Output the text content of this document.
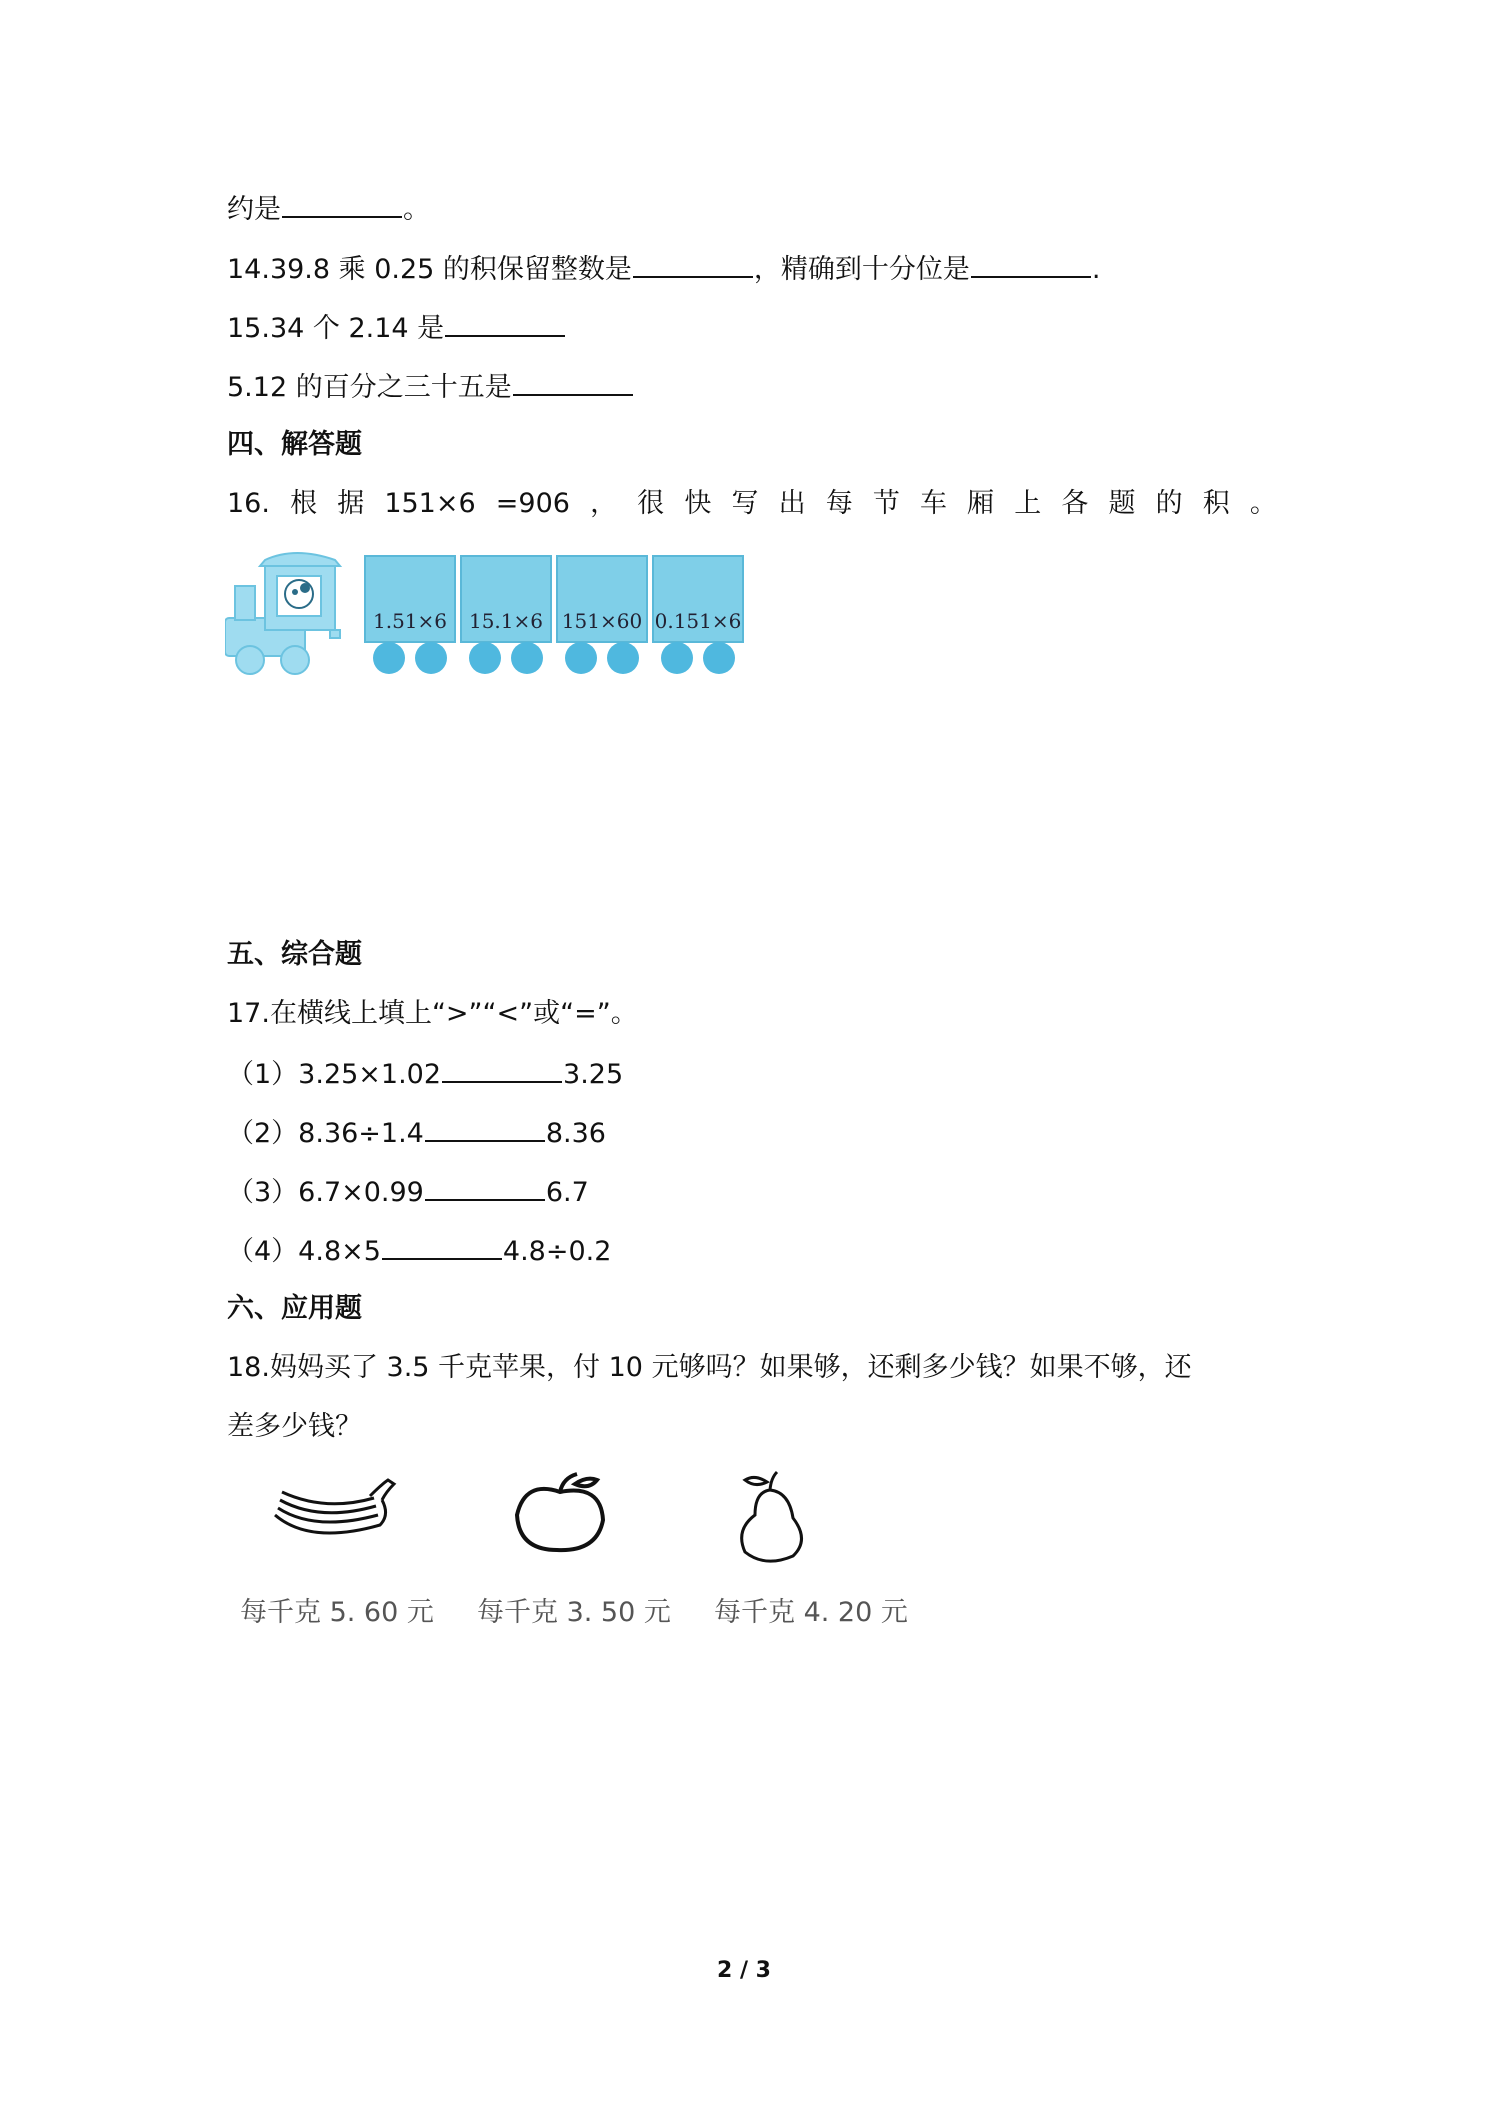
约是	。
14.39.8 乘 0.25 的积保留整数是	，精确到十分位是	.
15.34 个 2.14 是
5.12 的百分之三十五是
四、解答题
16. 根 据 151×6 =906 ， 很 快 写 出 每 节 车 厢 上 各 题 的 积 。
1.51×6 15.1×6 151×60 0.151×6
五、综合题
17.在横线上填上“>”“<”或“=”。
（1）3.25×1.02	3.25
（2）8.36÷1.4	8.36
（3）6.7×0.99	6.7
（4）4.8×5	4.8÷0.2
六、应用题
18.妈妈买了 3.5 千克苹果，付 10 元够吗？如果够，还剩多少钱？如果不够，还
差多少钱？
每千克 5. 60 元 每千克 3. 50 元 每千克 4. 20 元
2 / 3
